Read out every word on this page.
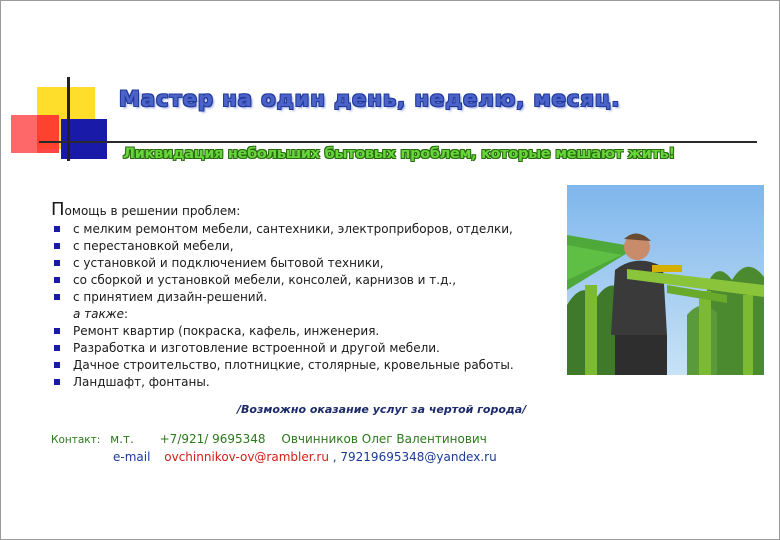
Мастер на один день, неделю, месяц.
Ликвидация небольших бытовых проблем, которые мешают жить!
Помощь в решении проблем:
с мелким ремонтом мебели, сантехники, электроприборов, отделки,
с перестановкой мебели,
с установкой и подключением бытовой техники,
со сборкой и установкой мебели, консолей, карнизов и т.д.,
с принятием дизайн-решений.
а также:
Ремонт квартир (покраска, кафель, инженерия.
Разработка и изготовление встроенной и другой мебели.
Дачное строительство, плотницкие, столярные, кровельные работы.
Ландшафт, фонтаны.
/Возможно оказание услуг за чертой города/
Контакт: м.т. +7/921/ 9695348 Овчинников Олег Валентинович
e-mail ovchinnikov-ov@rambler.ru , 79219695348@yandex.ru
